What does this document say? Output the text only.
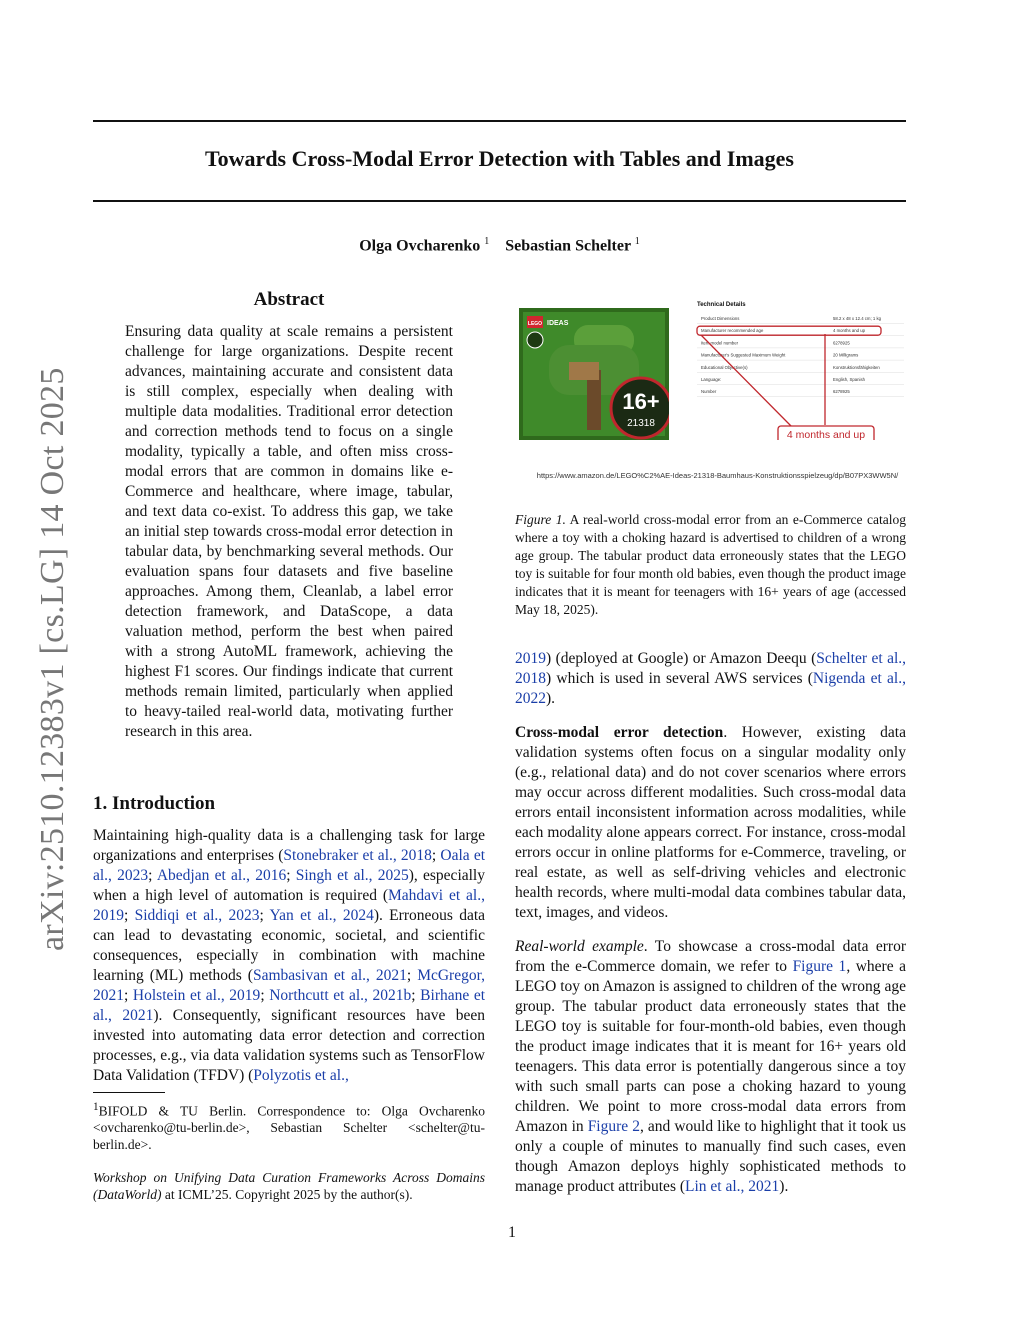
Towards Cross-Modal Error Detection with Tables and Images
Olga Ovcharenko $^1$ Sebastian Schelter $^1$
arXiv:2510.12383v1 [cs.LG] 14 Oct 2025
Abstract

Ensuring data quality at scale remains a persistent challenge for large organizations. Despite recent advances, maintaining accurate and consistent data is still complex, especially when dealing with multiple data modalities. Traditional error detection and correction methods tend to focus on a single modality, typically a table, and often miss cross-modal errors that are common in domains like e-Commerce and healthcare, where image, tabular, and text data co-exist. To address this gap, we take an initial step towards cross-modal error detection in tabular data, by benchmarking several methods. Our evaluation spans four datasets and five baseline approaches. Among them, Cleanlab, a label error detection framework, and DataScope, a data valuation method, perform the best when paired with a strong AutoML framework, achieving the highest F1 scores. Our findings indicate that current methods remain limited, particularly when applied to heavy-tailed real-world data, motivating further research in this area.

1. Introduction

Maintaining high-quality data is a challenging task for large organizations and enterprises (Stonebraker et al., 2018; Oala et al., 2023; Abedjan et al., 2016; Singh et al., 2025), especially when a high level of automation is required (Mahdavi et al., 2019; Siddiqi et al., 2023; Yan et al., 2024). Erroneous data can lead to devastating economic, societal, and scientific consequences, especially in combination with machine learning (ML) methods (Sambasivan et al., 2021; McGregor, 2021; Holstein et al., 2019; Northcutt et al., 2021b; Birhane et al., 2021). Consequently, significant resources have been invested into automating data error detection and correction processes, e.g., via data validation systems such as TensorFlow Data Validation (TFDV) (Polyzotis et al.,

$^1$BIFOLD & TU Berlin. Correspondence to: Olga Ovcharenko <ovcharenko@tu-berlin.de>, Sebastian Schelter <schelter@tu-berlin.de>.

Workshop on Unifying Data Curation Frameworks Across Domains (DataWorld) at ICML’25. Copyright 2025 by the author(s).

LEGO IDEAS
16+
21318
Technical Details
Product Dimensions	58.2 x 48 x 12.4 cm; 1 kg
Manufacturer recommended age	4 months and up
Item model number	6278925
Manufacturer's Suggested Maximum Weight	20 Milligrams
Educational Objective(s)	Konstruktionsfähigkeiten
Language:	English, Spanish
Number	6278925
4 months and up
https://www.amazon.de/LEGO%C2%AE-Ideas-21318-Baumhaus-Konstruktionsspielzeug/dp/B07PX3WW5N/

Figure 1. A real-world cross-modal error from an e-Commerce catalog where a toy with a choking hazard is advertised to children of a wrong age group. The tabular product data erroneously states that the LEGO toy is suitable for four month old babies, even though the product image indicates that it is meant for teenagers with 16+ years of age (accessed May 18, 2025).

2019) (deployed at Google) or Amazon Deequ (Schelter et al., 2018) which is used in several AWS services (Nigenda et al., 2022).

Cross-modal error detection. However, existing data validation systems often focus on a singular modality only (e.g., relational data) and do not cover scenarios where errors may occur across different modalities. Such cross-modal data errors entail inconsistent information across modalities, while each modality alone appears correct. For instance, cross-modal errors occur in online platforms for e-Commerce, traveling, or real estate, as well as self-driving vehicles and electronic health records, where multi-modal data combines tabular data, text, images, and videos.

Real-world example. To showcase a cross-modal data error from the e-Commerce domain, we refer to Figure 1, where a LEGO toy on Amazon is assigned to children of the wrong age group. The tabular product data erroneously states that the LEGO toy is suitable for four-month-old babies, even though the product image indicates that it is meant for 16+ years old teenagers. This data error is potentially dangerous since a toy with such small parts can pose a choking hazard to young children. We point to more cross-modal data errors from Amazon in Figure 2, and would like to highlight that it took us only a couple of minutes to manually find such cases, even though Amazon deploys highly sophisticated methods to manage product attributes (Lin et al., 2021).

1
